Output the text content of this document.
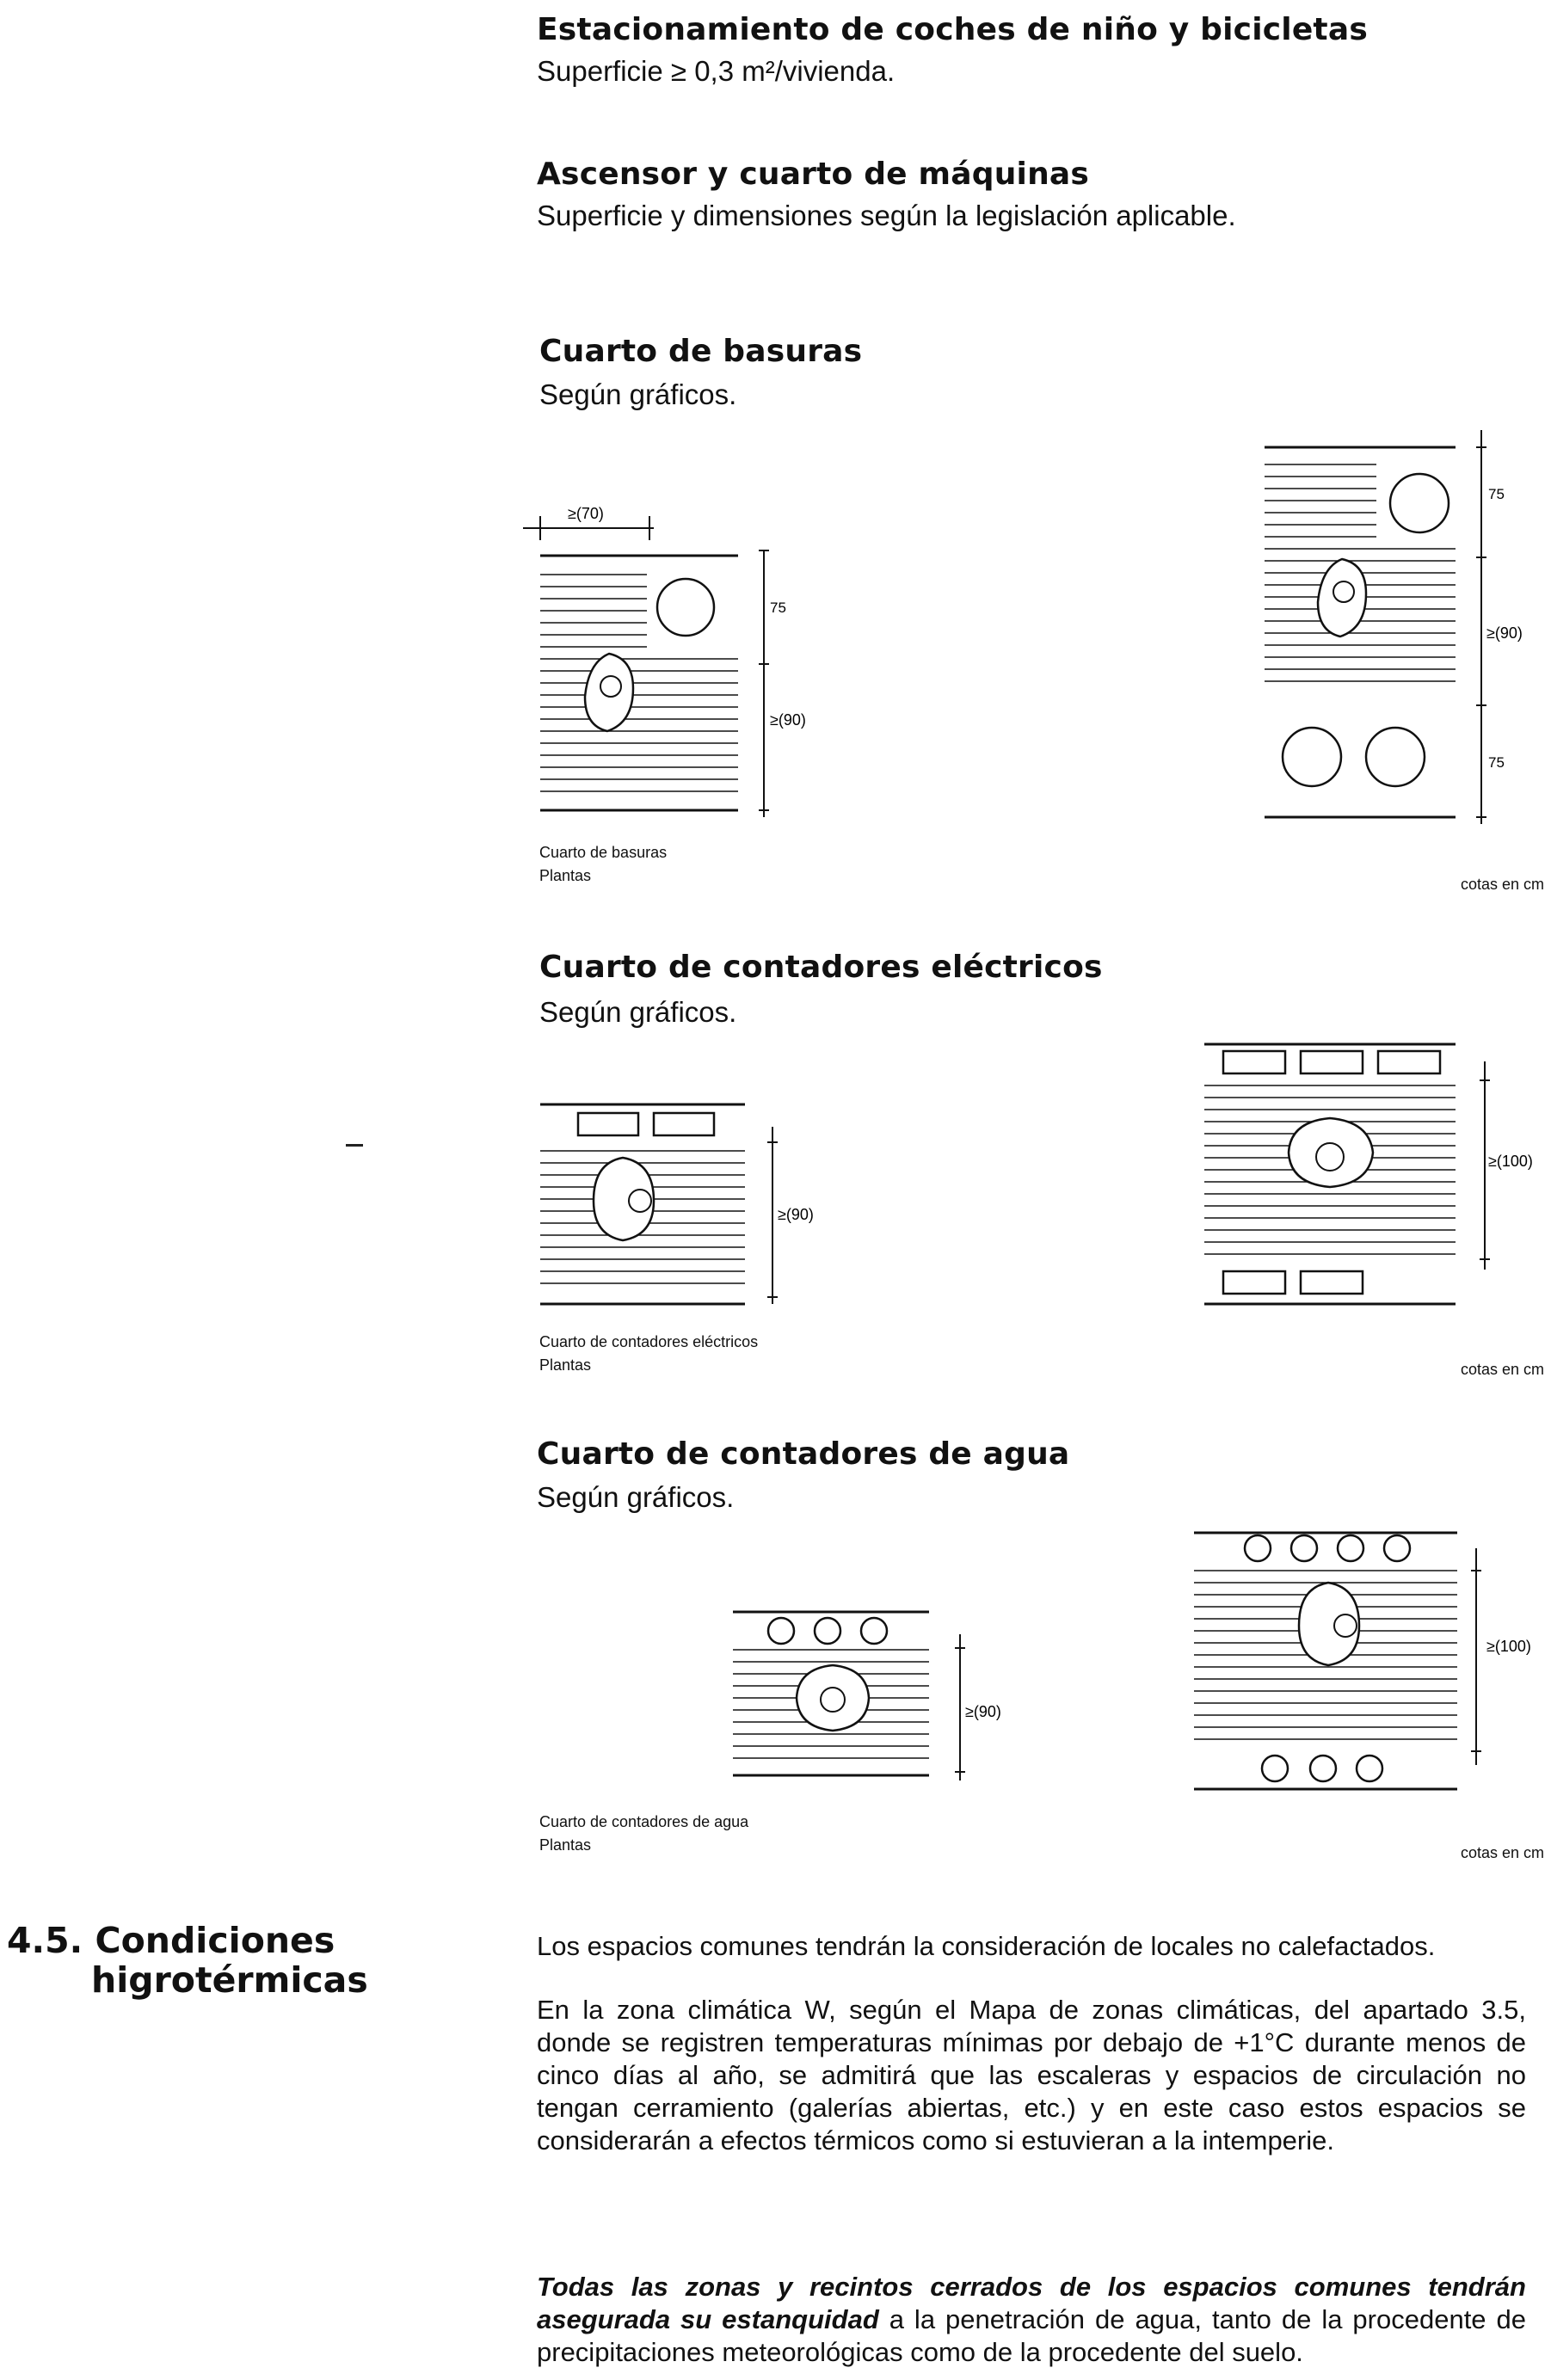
Estacionamiento de coches de niño y bicicletas
Superficie ≥ 0,3 m²/vivienda.
Ascensor y cuarto de máquinas
Superficie y dimensiones según la legislación aplicable.
Cuarto de basuras
Según gráficos.
≥(70)
75
≥(90)
75
≥(90)
75
Cuarto de basuras
Plantas	cotas en cm
Cuarto de contadores eléctricos
Según gráficos.
≥(90)
≥(100)
Cuarto de contadores eléctricos
Plantas	cotas en cm
Cuarto de contadores de agua
Según gráficos.
≥(90)
≥(100)
Cuarto de contadores de agua
Plantas	cotas en cm
4.5. Condiciones
higrotérmicas
Los espacios comunes tendrán la consideración de locales no calefactados.
En la zona climática W, según el Mapa de zonas climáticas, del apartado 3.5, donde se registren temperaturas mínimas por debajo de +1°C durante menos de cinco días al año, se admitirá que las escaleras y espacios de circulación no tengan cerramiento (galerías abiertas, etc.) y en este caso estos espacios se considerarán a efectos térmicos como si estuvieran a la intemperie.
Todas las zonas y recintos cerrados de los espacios comunes tendrán asegurada su estanquidad a la penetración de agua, tanto de la procedente de precipitaciones meteorológicas como de la procedente del suelo.
